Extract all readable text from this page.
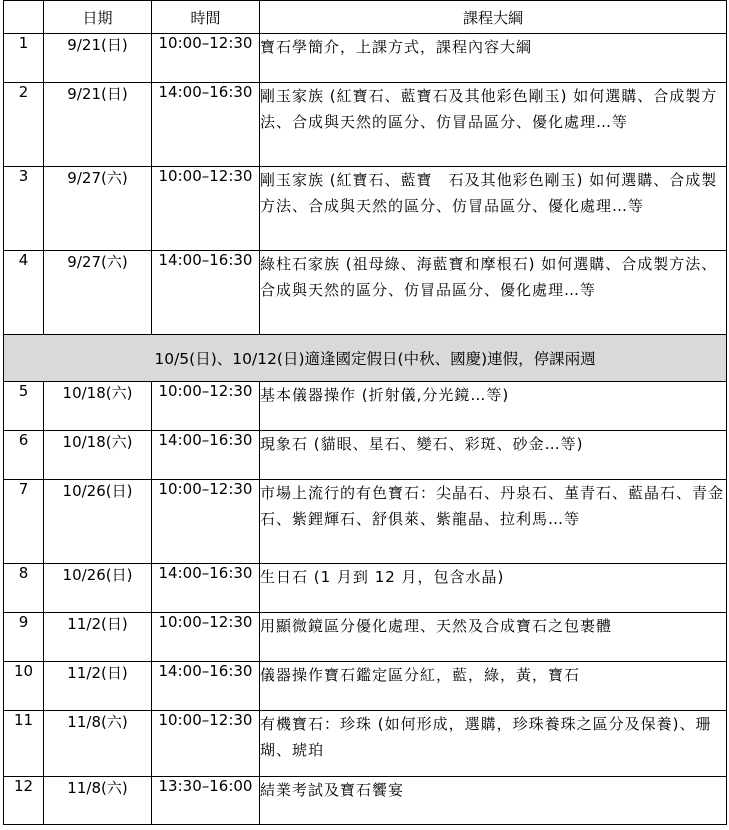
	日期	時間	課程大綱
1	9/21(日)	10:00–12:30	寶石學簡介，上課方式，課程內容大綱
2	9/21(日)	14:00–16:30	剛玉家族 (紅寶石、藍寶石及其他彩色剛玉) 如何選購、合成製方法、合成與天然的區分、仿冒品區分、優化處理…等
3	9/27(六)	10:00–12:30	剛玉家族 (紅寶石、藍寶　石及其他彩色剛玉) 如何選購、合成製方法、合成與天然的區分、仿冒品區分、優化處理…等
4	9/27(六)	14:00–16:30	綠柱石家族 (祖母綠、海藍寶和摩根石) 如何選購、合成製方法、合成與天然的區分、仿冒品區分、優化處理…等
10/5(日)、10/12(日)適逢國定假日(中秋、國慶)連假，停課兩週			
5	10/18(六)	10:00–12:30	基本儀器操作 (折射儀,分光鏡…等)
6	10/18(六)	14:00–16:30	現象石 (貓眼、星石、變石、彩斑、砂金…等)
7	10/26(日)	10:00–12:30	市場上流行的有色寶石：尖晶石、丹泉石、堇青石、藍晶石、青金石、紫鋰輝石、舒俱萊、紫龍晶、拉利馬…等
8	10/26(日)	14:00–16:30	生日石 (1 月到 12 月，包含水晶)
9	11/2(日)	10:00–12:30	用顯微鏡區分優化處理、天然及合成寶石之包裹體
10	11/2(日)	14:00–16:30	儀器操作寶石鑑定區分紅，藍，綠，黃，寶石
11	11/8(六)	10:00–12:30	有機寶石：珍珠 (如何形成，選購，珍珠養珠之區分及保養)、珊瑚、琥珀
12	11/8(六)	13:30–16:00	結業考試及寶石饗宴
